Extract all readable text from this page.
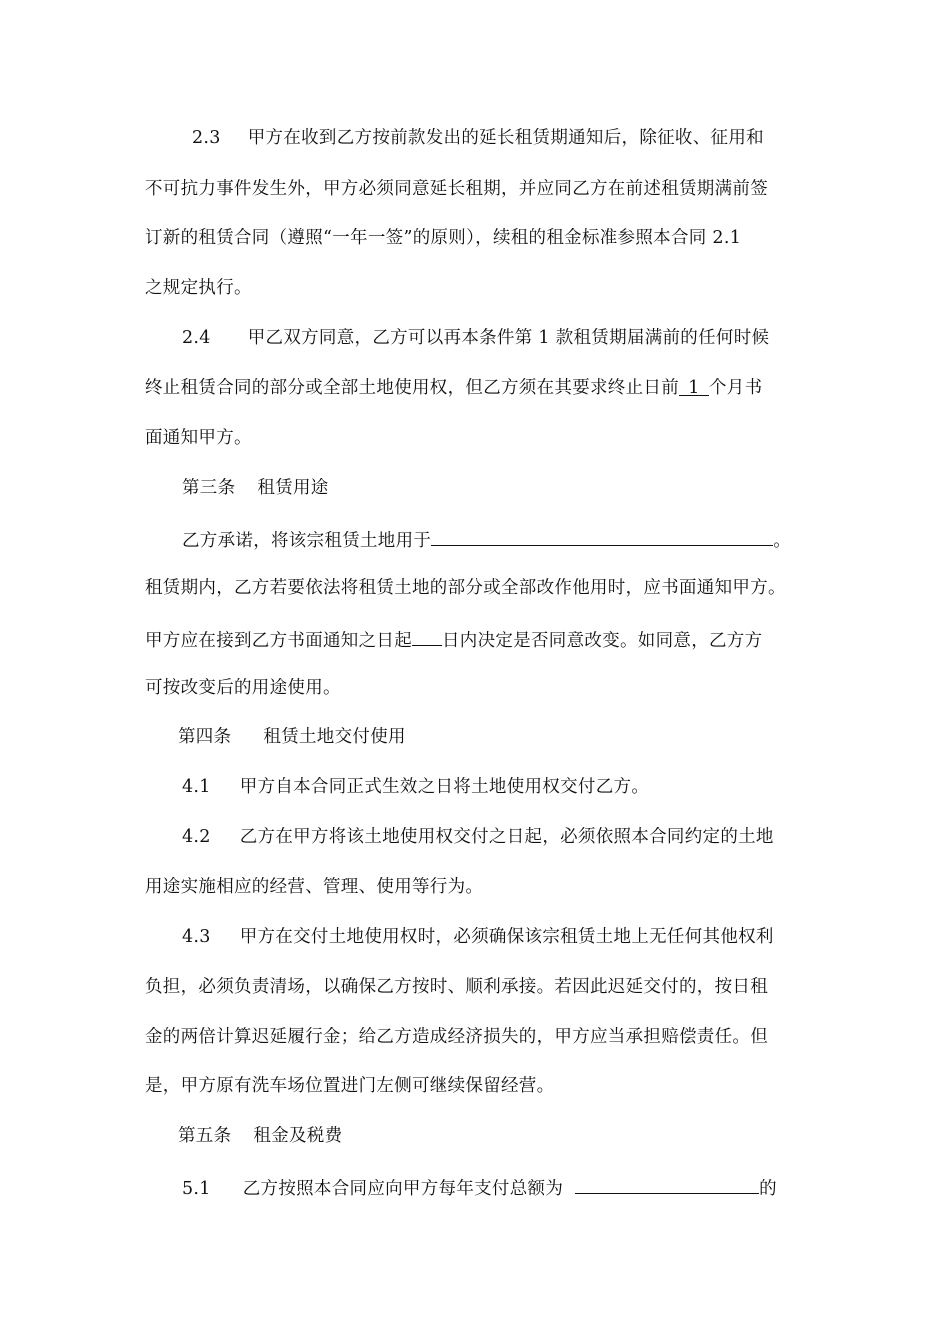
2.3 甲方在收到乙方按前款发出的延长租赁期通知后，除征收、征用和
不可抗力事件发生外，甲方必须同意延长租期，并应同乙方在前述租赁期满前签
订新的租赁合同（遵照“一年一签”的原则），续租的租金标准参照本合同 2.1
之规定执行。
2.4 甲乙双方同意，乙方可以再本条件第 1 款租赁期届满前的任何时候
终止租赁合同的部分或全部土地使用权，但乙方须在其要求终止日前 1 个月书
面通知甲方。
第三条 租赁用途
乙方承诺，将该宗租赁土地用于	。
租赁期内，乙方若要依法将租赁土地的部分或全部改作他用时，应书面通知甲方。
甲方应在接到乙方书面通知之日起 日内决定是否同意改变。如同意，乙方方
可按改变后的用途使用。
第四条 租赁土地交付使用
4.1 甲方自本合同正式生效之日将土地使用权交付乙方。
4.2 乙方在甲方将该土地使用权交付之日起，必须依照本合同约定的土地
用途实施相应的经营、管理、使用等行为。
4.3 甲方在交付土地使用权时，必须确保该宗租赁土地上无任何其他权利
负担，必须负责清场，以确保乙方按时、顺利承接。若因此迟延交付的，按日租
金的两倍计算迟延履行金；给乙方造成经济损失的，甲方应当承担赔偿责任。但
是，甲方原有洗车场位置进门左侧可继续保留经营。
第五条 租金及税费
5.1 乙方按照本合同应向甲方每年支付总额为	的
